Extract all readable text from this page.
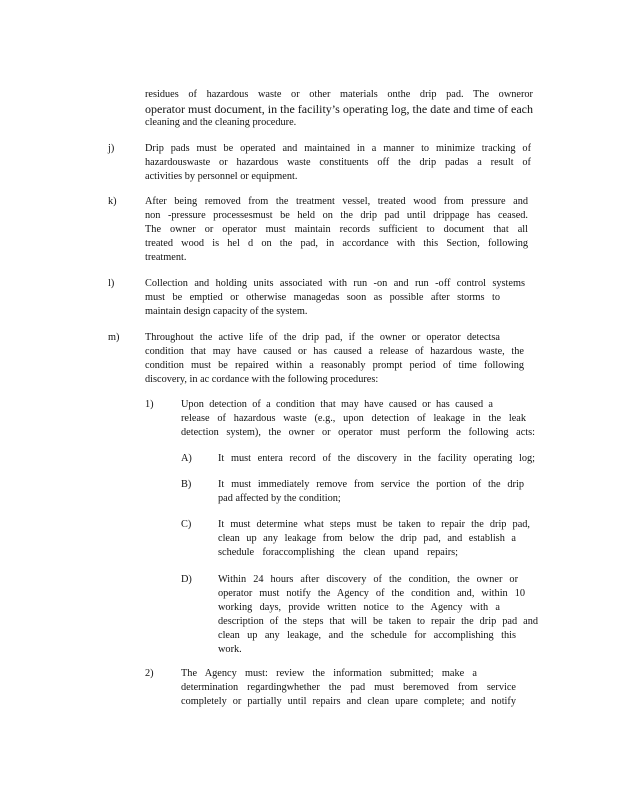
residues of hazardous waste or other materials onthe drip pad. The owneror
operator must document, in the facility’s operating log, the date and time of each
cleaning and the cleaning procedure.
j)	Drip pads must be operated and maintained in a manner to minimize tracking of
hazardouswaste or hazardous waste constituents off the drip padas a result of
activities by personnel or equipment.
k)	After being removed from the treatment vessel, treated wood from pressure and
non -pressure processesmust be held on the drip pad until drippage has ceased.
The owner or operator must maintain records sufficient to document that all
treated wood is hel d on the pad, in accordance with this Section, following
treatment.
l)	Collection and holding units associated with run -on and run -off control systems
must be emptied or otherwise managedas soon as possible after storms to
maintain design capacity of the system.
m) Throughout the active life of the drip pad, if the owner or operator detectsa
condition that may have caused or has caused a release of hazardous waste, the
condition must be repaired within a reasonably prompt period of time following
discovery, in ac cordance with the following procedures:
1)	Upon detection of a condition that may have caused or has caused a
release of hazardous waste (e.g., upon detection of leakage in the leak
detection system), the owner or operator must perform the following acts:
A)	It must entera record of the discovery in the facility operating log;
B)	It must immediately remove from service the portion of the drip
pad affected by the condition;
C)	It must determine what steps must be taken to repair the drip pad,
clean up any leakage from below the drip pad, and establish a
schedule foraccomplishing the clean upand repairs;
D)	Within 24 hours after discovery of the condition, the owner or
operator must notify the Agency of the condition and, within 10
working days, provide written notice to the Agency with a
description of the steps that will be taken to repair the drip pad and
clean up any leakage, and the schedule for accomplishing this
work.
2)	The Agency must: review the information submitted; make a
determination regardingwhether the pad must beremoved from service
completely or partially until repairs and clean upare complete; and notify
